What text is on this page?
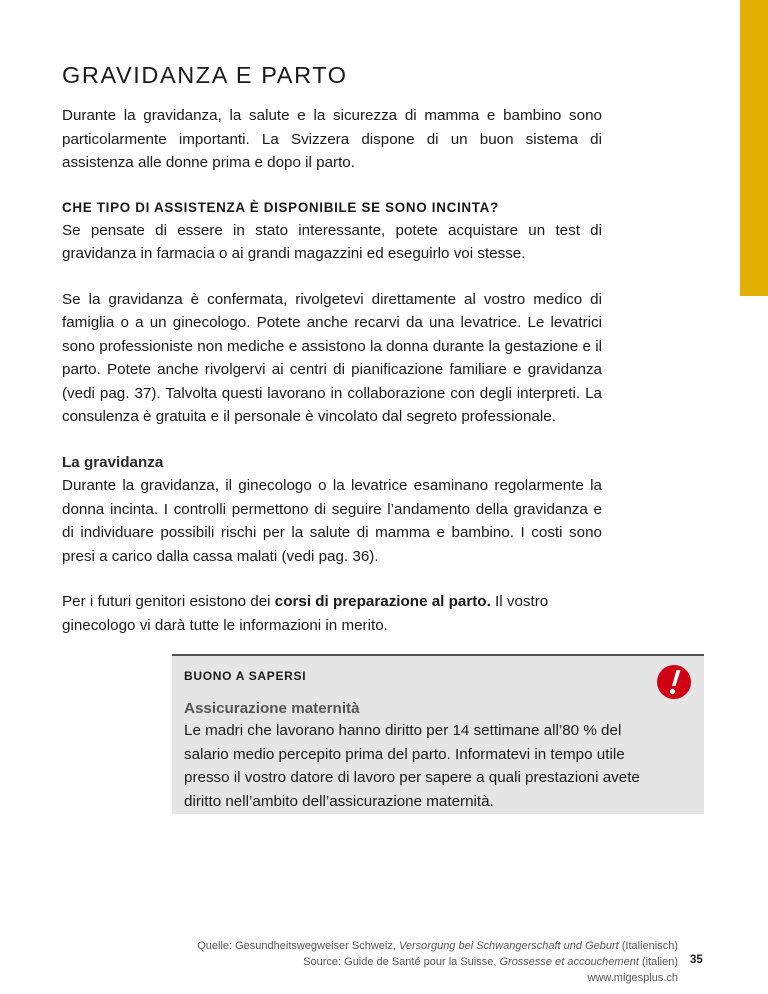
GRAVIDANZA E PARTO

Durante la gravidanza, la salute e la sicurezza di mamma e bambino sono particolarmente importanti. La Svizzera dispone di un buon sistema di assistenza alle donne prima e dopo il parto.

CHE TIPO DI ASSISTENZA È DISPONIBILE SE SONO INCINTA?

Se pensate di essere in stato interessante, potete acquistare un test di gravidanza in farmacia o ai grandi magazzini ed eseguirlo voi stesse.

Se la gravidanza è confermata, rivolgetevi direttamente al vostro medico di famiglia o a un ginecologo. Potete anche recarvi da una levatrice. Le levatrici sono professioniste non mediche e assistono la donna durante la gestazione e il parto. Potete anche rivolgervi ai centri di pianificazione familiare e gravidanza (vedi pag. 37). Talvolta questi lavorano in collaborazione con degli interpreti. La consulenza è gratuita e il personale è vincolato dal segreto professionale.

La gravidanza

Durante la gravidanza, il ginecologo o la levatrice esaminano regolarmente la donna incinta. I controlli permettono di seguire l’andamento della gravidanza e di individuare possibili rischi per la salute di mamma e bambino. I costi sono presi a carico dalla cassa malati (vedi pag. 36).

Per i futuri genitori esistono dei corsi di preparazione al parto. Il vostro ginecologo vi darà tutte le informazioni in merito.

BUONO A SAPERSI
Assicurazione maternità
Le madri che lavorano hanno diritto per 14 settimane all’80 % del salario medio percepito prima del parto. Informatevi in tempo utile presso il vostro datore di lavoro per sapere a quali prestazioni avete diritto nell’ambito dell’assicurazione maternità.
Quelle: Gesundheitswegweiser Schweiz, Versorgung bei Schwangerschaft und Geburt (Italienisch)
Source: Guide de Santé pour la Suisse, Grossesse et accouchement (italien)
www.migesplus.ch
35
